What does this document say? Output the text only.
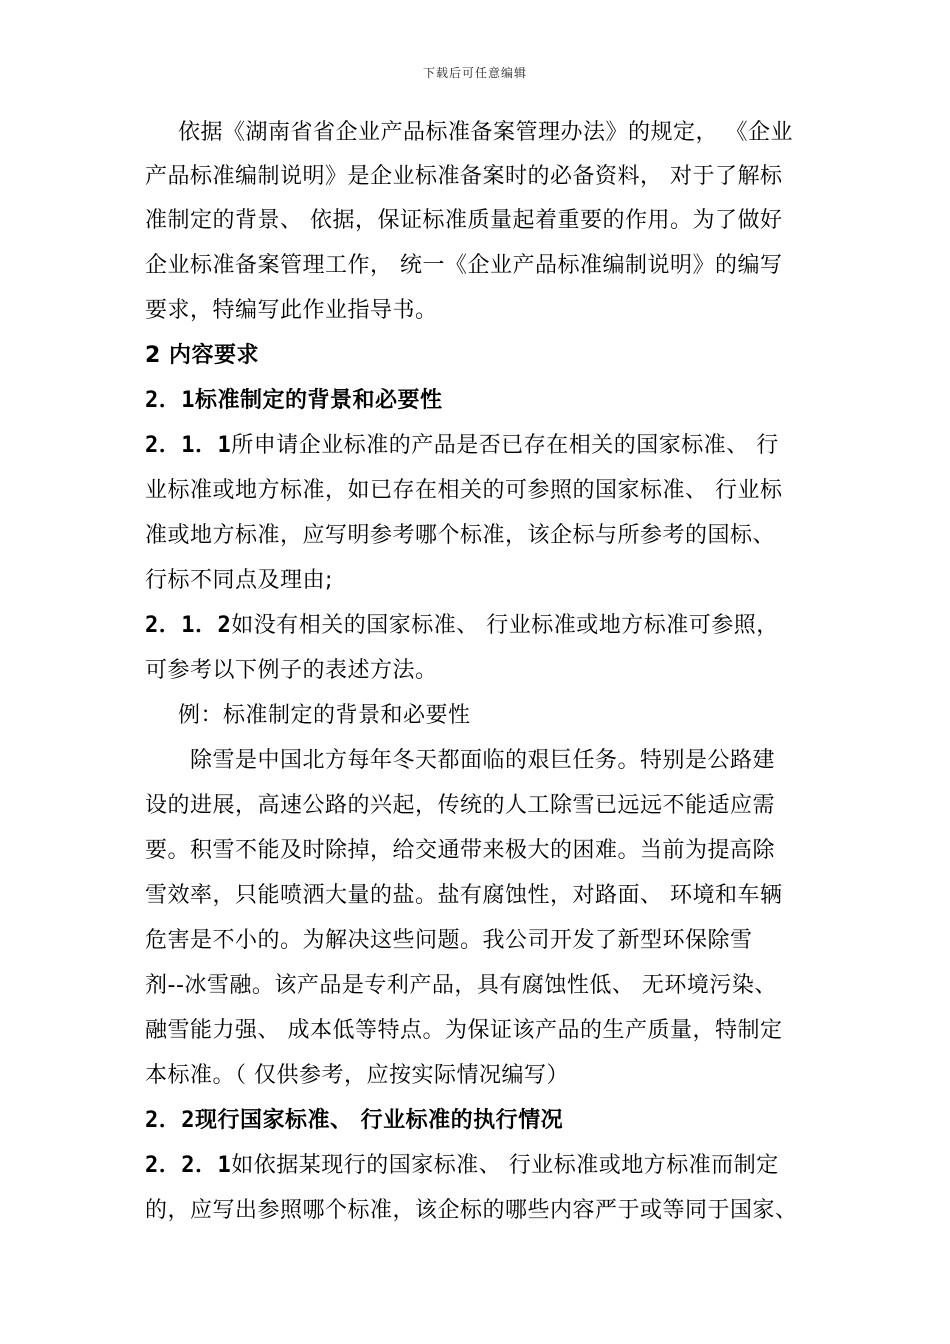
下载后可任意编辑
依据《湖南省省企业产品标准备案管理办法》的规定， 《企业
产品标准编制说明》是企业标准备案时的必备资料， 对于了解标
准制定的背景、 依据，保证标准质量起着重要的作用。为了做好
企业标准备案管理工作， 统一《企业产品标准编制说明》的编写
要求，特编写此作业指导书。
2 内容要求
2．1标准制定的背景和必要性
2．1．1所申请企业标准的产品是否已存在相关的国家标准、 行
业标准或地方标准，如已存在相关的可参照的国家标准、 行业标
准或地方标准，应写明参考哪个标准，该企标与所参考的国标、
行标不同点及理由;
2．1．2如没有相关的国家标准、 行业标准或地方标准可参照，
可参考以下例子的表述方法。
例：标准制定的背景和必要性
除雪是中国北方每年冬天都面临的艰巨任务。特别是公路建
设的进展，高速公路的兴起，传统的人工除雪已远远不能适应需
要。积雪不能及时除掉，给交通带来极大的困难。当前为提高除
雪效率，只能喷洒大量的盐。盐有腐蚀性，对路面、 环境和车辆
危害是不小的。为解决这些问题。我公司开发了新型环保除雪
剂--冰雪融。该产品是专利产品，具有腐蚀性低、 无环境污染、
融雪能力强、 成本低等特点。为保证该产品的生产质量，特制定
本标准。（ 仅供参考，应按实际情况编写）
2．2现行国家标准、 行业标准的执行情况
2．2．1如依据某现行的国家标准、 行业标准或地方标准而制定
的，应写出参照哪个标准，该企标的哪些内容严于或等同于国家、
